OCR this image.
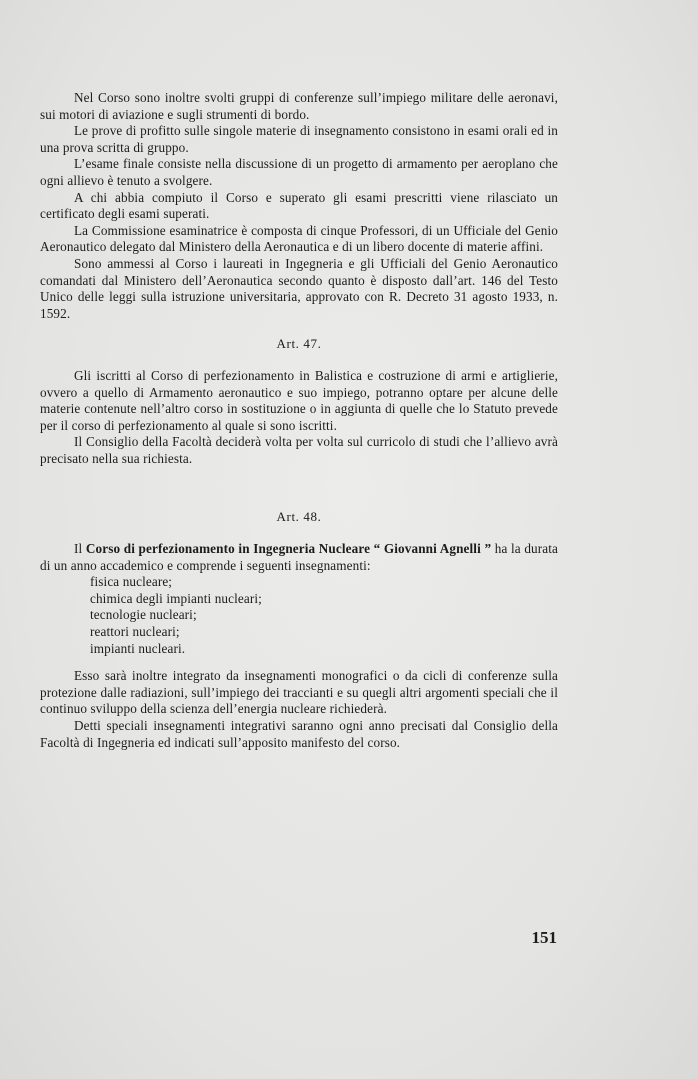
Nel Corso sono inoltre svolti gruppi di conferenze sull’impiego militare delle aeronavi, sui motori di aviazione e sugli strumenti di bordo.

Le prove di profitto sulle singole materie di insegnamento consistono in esami orali ed in una prova scritta di gruppo.

L’esame finale consiste nella discussione di un progetto di armamento per aeroplano che ogni allievo è tenuto a svolgere.

A chi abbia compiuto il Corso e superato gli esami prescritti viene rilasciato un certificato degli esami superati.

La Commissione esaminatrice è composta di cinque Professori, di un Ufficiale del Genio Aeronautico delegato dal Ministero della Aeronautica e di un libero docente di materie affini.

Sono ammessi al Corso i laureati in Ingegneria e gli Ufficiali del Genio Aeronautico comandati dal Ministero dell’Aeronautica secondo quanto è disposto dall’art. 146 del Testo Unico delle leggi sulla istruzione universitaria, approvato con R. Decreto 31 agosto 1933, n. 1592.

Art. 47.

Gli iscritti al Corso di perfezionamento in Balistica e costruzione di armi e artiglierie, ovvero a quello di Armamento aeronautico e suo impiego, potranno optare per alcune delle materie contenute nell’altro corso in sostituzione o in aggiunta di quelle che lo Statuto prevede per il corso di perfezionamento al quale si sono iscritti.

Il Consiglio della Facoltà deciderà volta per volta sul curricolo di studi che l’allievo avrà precisato nella sua richiesta.

Art. 48.

Il Corso di perfezionamento in Ingegneria Nucleare “ Giovanni Agnelli ” ha la durata di un anno accademico e comprende i seguenti insegnamenti:

fisica nucleare;
chimica degli impianti nucleari;
tecnologie nucleari;
reattori nucleari;
impianti nucleari.

Esso sarà inoltre integrato da insegnamenti monografici o da cicli di conferenze sulla protezione dalle radiazioni, sull’impiego dei traccianti e su quegli altri argomenti speciali che il continuo sviluppo della scienza dell’energia nucleare richiederà.

Detti speciali insegnamenti integrativi saranno ogni anno precisati dal Consiglio della Facoltà di Ingegneria ed indicati sull’apposito manifesto del corso.

151
